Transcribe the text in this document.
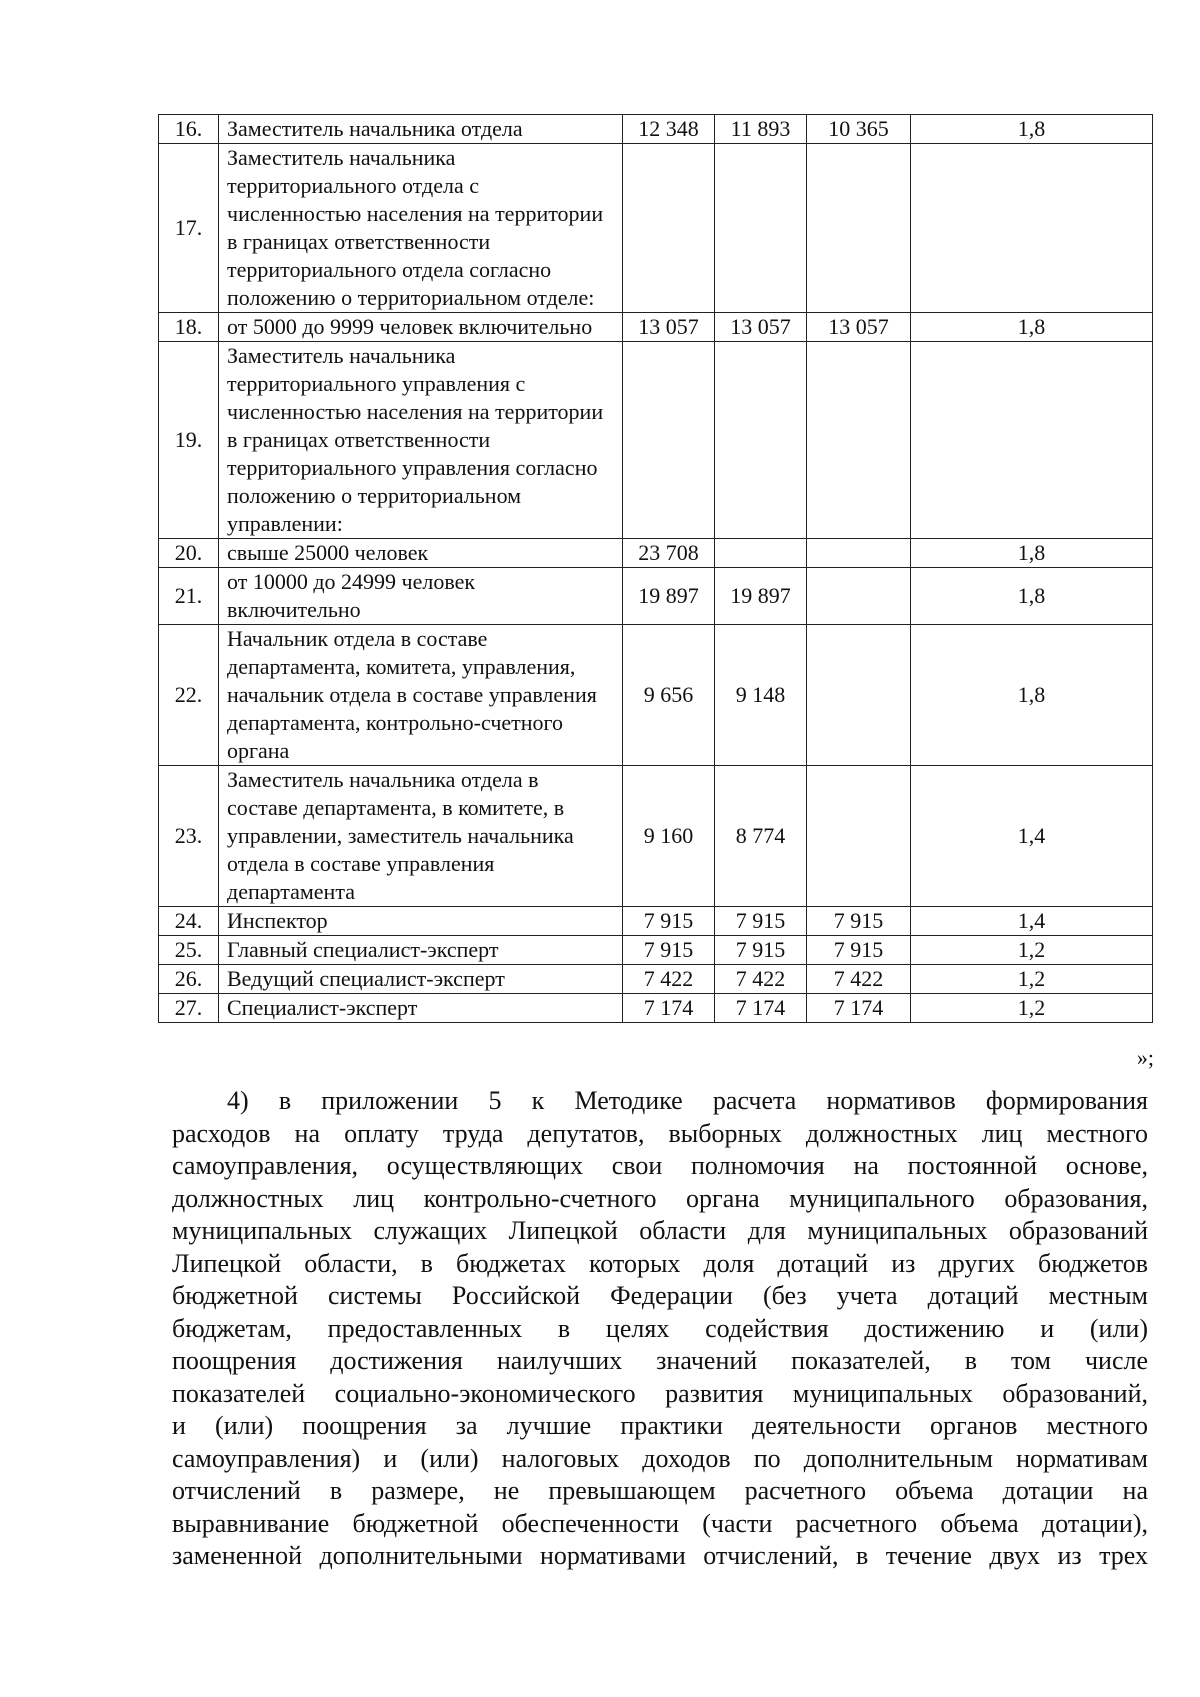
16.	Заместитель начальника отдела	12 348	11 893	10 365	1,8
17.	Заместитель начальника территориального отдела с численностью населения на территории в границах ответственности территориального отдела согласно положению о территориальном отделе:				
18.	от 5000 до 9999 человек включительно	13 057	13 057	13 057	1,8
19.	Заместитель начальника территориального управления с численностью населения на территории в границах ответственности территориального управления согласно положению о территориальном управлении:				
20.	свыше 25000 человек	23 708			1,8
21.	от 10000 до 24999 человек включительно	19 897	19 897		1,8
22.	Начальник отдела в составе департамента, комитета, управления, начальник отдела в составе управления департамента, контрольно-счетного органа	9 656	9 148		1,8
23.	Заместитель начальника отдела в составе департамента, в комитете, в управлении, заместитель начальника отдела в составе управления департамента	9 160	8 774		1,4
24.	Инспектор	7 915	7 915	7 915	1,4
25.	Главный специалист-эксперт	7 915	7 915	7 915	1,2
26.	Ведущий специалист-эксперт	7 422	7 422	7 422	1,2
27.	Специалист-эксперт	7 174	7 174	7 174	1,2
»;
4) в приложении 5 к Методике расчета нормативов формирования
расходов на оплату труда депутатов, выборных должностных лиц местного
самоуправления, осуществляющих свои полномочия на постоянной основе,
должностных лиц контрольно-счетного органа муниципального образования,
муниципальных служащих Липецкой области для муниципальных образований
Липецкой области, в бюджетах которых доля дотаций из других бюджетов
бюджетной системы Российской Федерации (без учета дотаций местным
бюджетам, предоставленных в целях содействия достижению и (или)
поощрения достижения наилучших значений показателей, в том числе
показателей социально-экономического развития муниципальных образований,
и (или) поощрения за лучшие практики деятельности органов местного
самоуправления) и (или) налоговых доходов по дополнительным нормативам
отчислений в размере, не превышающем расчетного объема дотации на
выравнивание бюджетной обеспеченности (части расчетного объема дотации),
замененной дополнительными нормативами отчислений, в течение двух из трех
